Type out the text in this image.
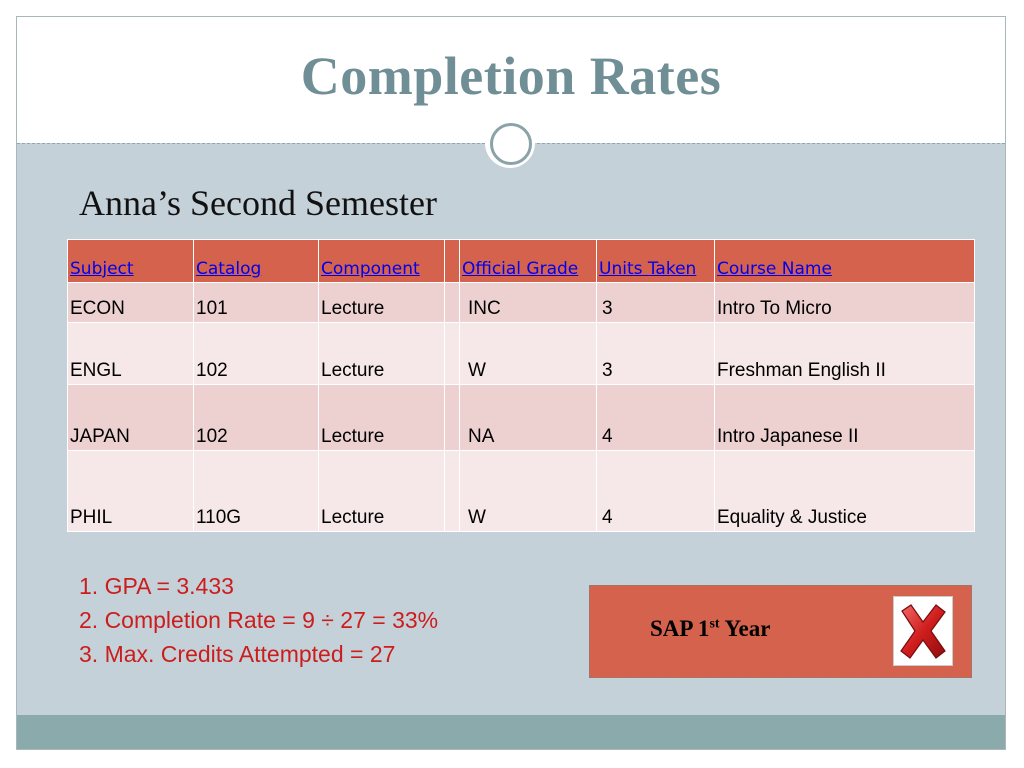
Completion Rates
Anna’s Second Semester
Subject	Catalog	Component		Official Grade	Units Taken	Course Name
ECON	101	Lecture		INC	3	Intro To Micro
ENGL	102	Lecture		W	3	Freshman English II
JAPAN	102	Lecture		NA	4	Intro Japanese II
PHIL	110G	Lecture		W	4	Equality & Justice
1. GPA = 3.433
2. Completion Rate = 9 ÷ 27 = 33%
3. Max. Credits Attempted = 27
SAP 1st Year
